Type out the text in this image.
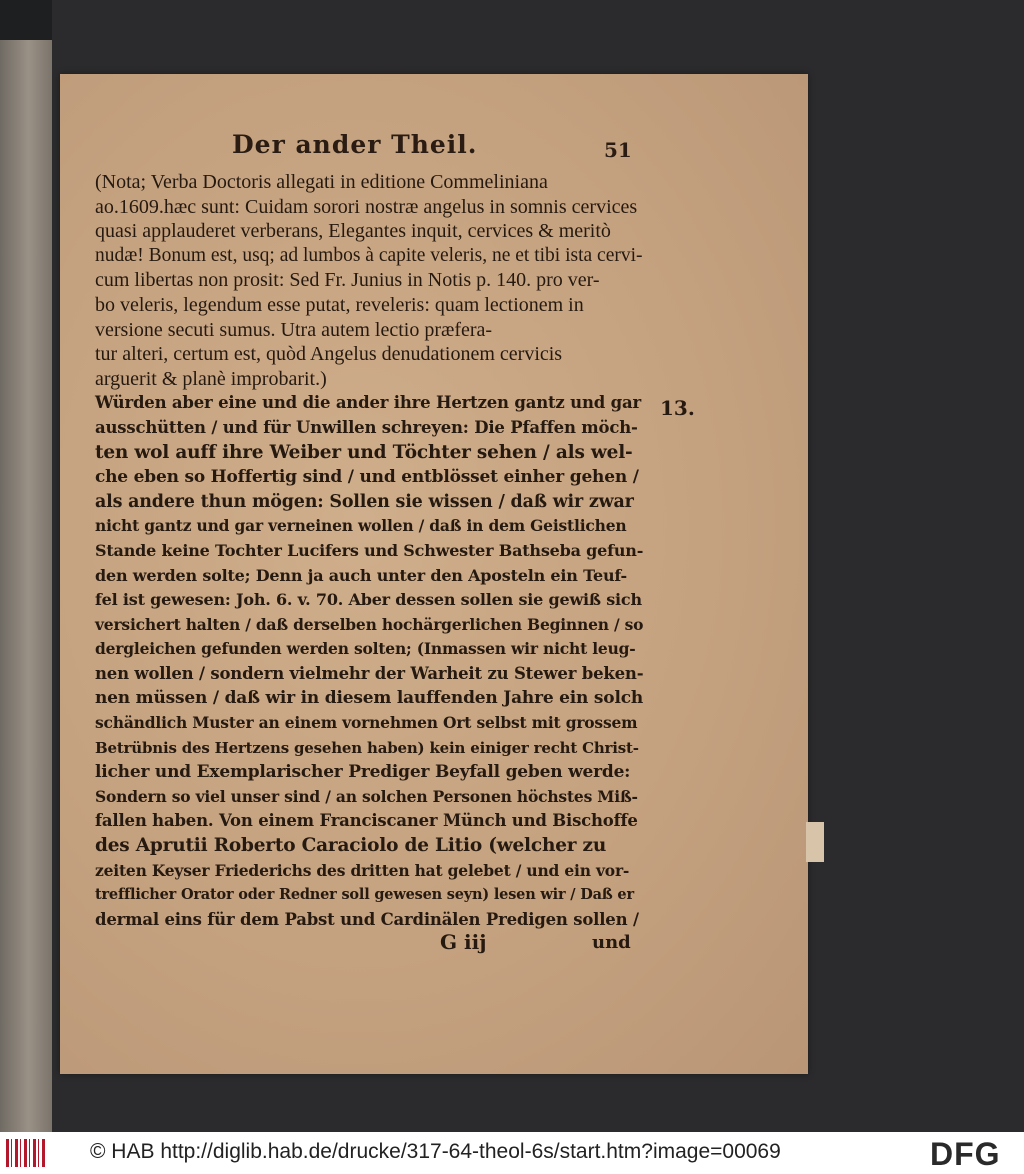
Der ander Theil.	51
13.
(Nota; Verba Doctoris allegati in editione Commeliniana
ao.1609.hæc sunt: Cuidam sorori nostræ angelus in somnis cervices
quasi applauderet verberans, Elegantes inquit, cervices & meritò
nudæ! Bonum est, usq; ad lumbos à capite veleris, ne et tibi ista cervi-
cum libertas non prosit: Sed Fr. Junius in Notis p. 140. pro ver-
bo veleris, legendum esse putat, reveleris: quam lectionem in
versione secuti sumus. Utra autem lectio præfera-
tur alteri, certum est, quòd Angelus denudationem cervicis
arguerit & planè improbarit.)
Würden aber eine und die ander ihre Hertzen gantz und gar
ausschütten / und für Unwillen schreyen: Die Pfaffen möch-
ten wol auff ihre Weiber und Töchter sehen / als wel-
che eben so Hoffertig sind / und entblösset einher gehen /
als andere thun mögen: Sollen sie wissen / daß wir zwar
nicht gantz und gar verneinen wollen / daß in dem Geistlichen
Stande keine Tochter Lucifers und Schwester Bathseba gefun-
den werden solte; Denn ja auch unter den Aposteln ein Teuf-
fel ist gewesen: Joh. 6. v. 70. Aber dessen sollen sie gewiß sich
versichert halten / daß derselben hochärgerlichen Beginnen / so
dergleichen gefunden werden solten; (Inmassen wir nicht leug-
nen wollen / sondern vielmehr der Warheit zu Stewer beken-
nen müssen / daß wir in diesem lauffenden Jahre ein solch
schändlich Muster an einem vornehmen Ort selbst mit grossem
Betrübnis des Hertzens gesehen haben) kein einiger recht Christ-
licher und Exemplarischer Prediger Beyfall geben werde:
Sondern so viel unser sind / an solchen Personen höchstes Miß-
fallen haben. Von einem Franciscaner Münch und Bischoffe
des Aprutii Roberto Caraciolo de Litio (welcher zu
zeiten Keyser Friederichs des dritten hat gelebet / und ein vor-
trefflicher Orator oder Redner soll gewesen seyn) lesen wir / Daß er
dermal eins für dem Pabst und Cardinälen Predigen sollen /
G iij	und
© HAB http://diglib.hab.de/drucke/317-64-theol-6s/start.htm?image=00069	DFG
